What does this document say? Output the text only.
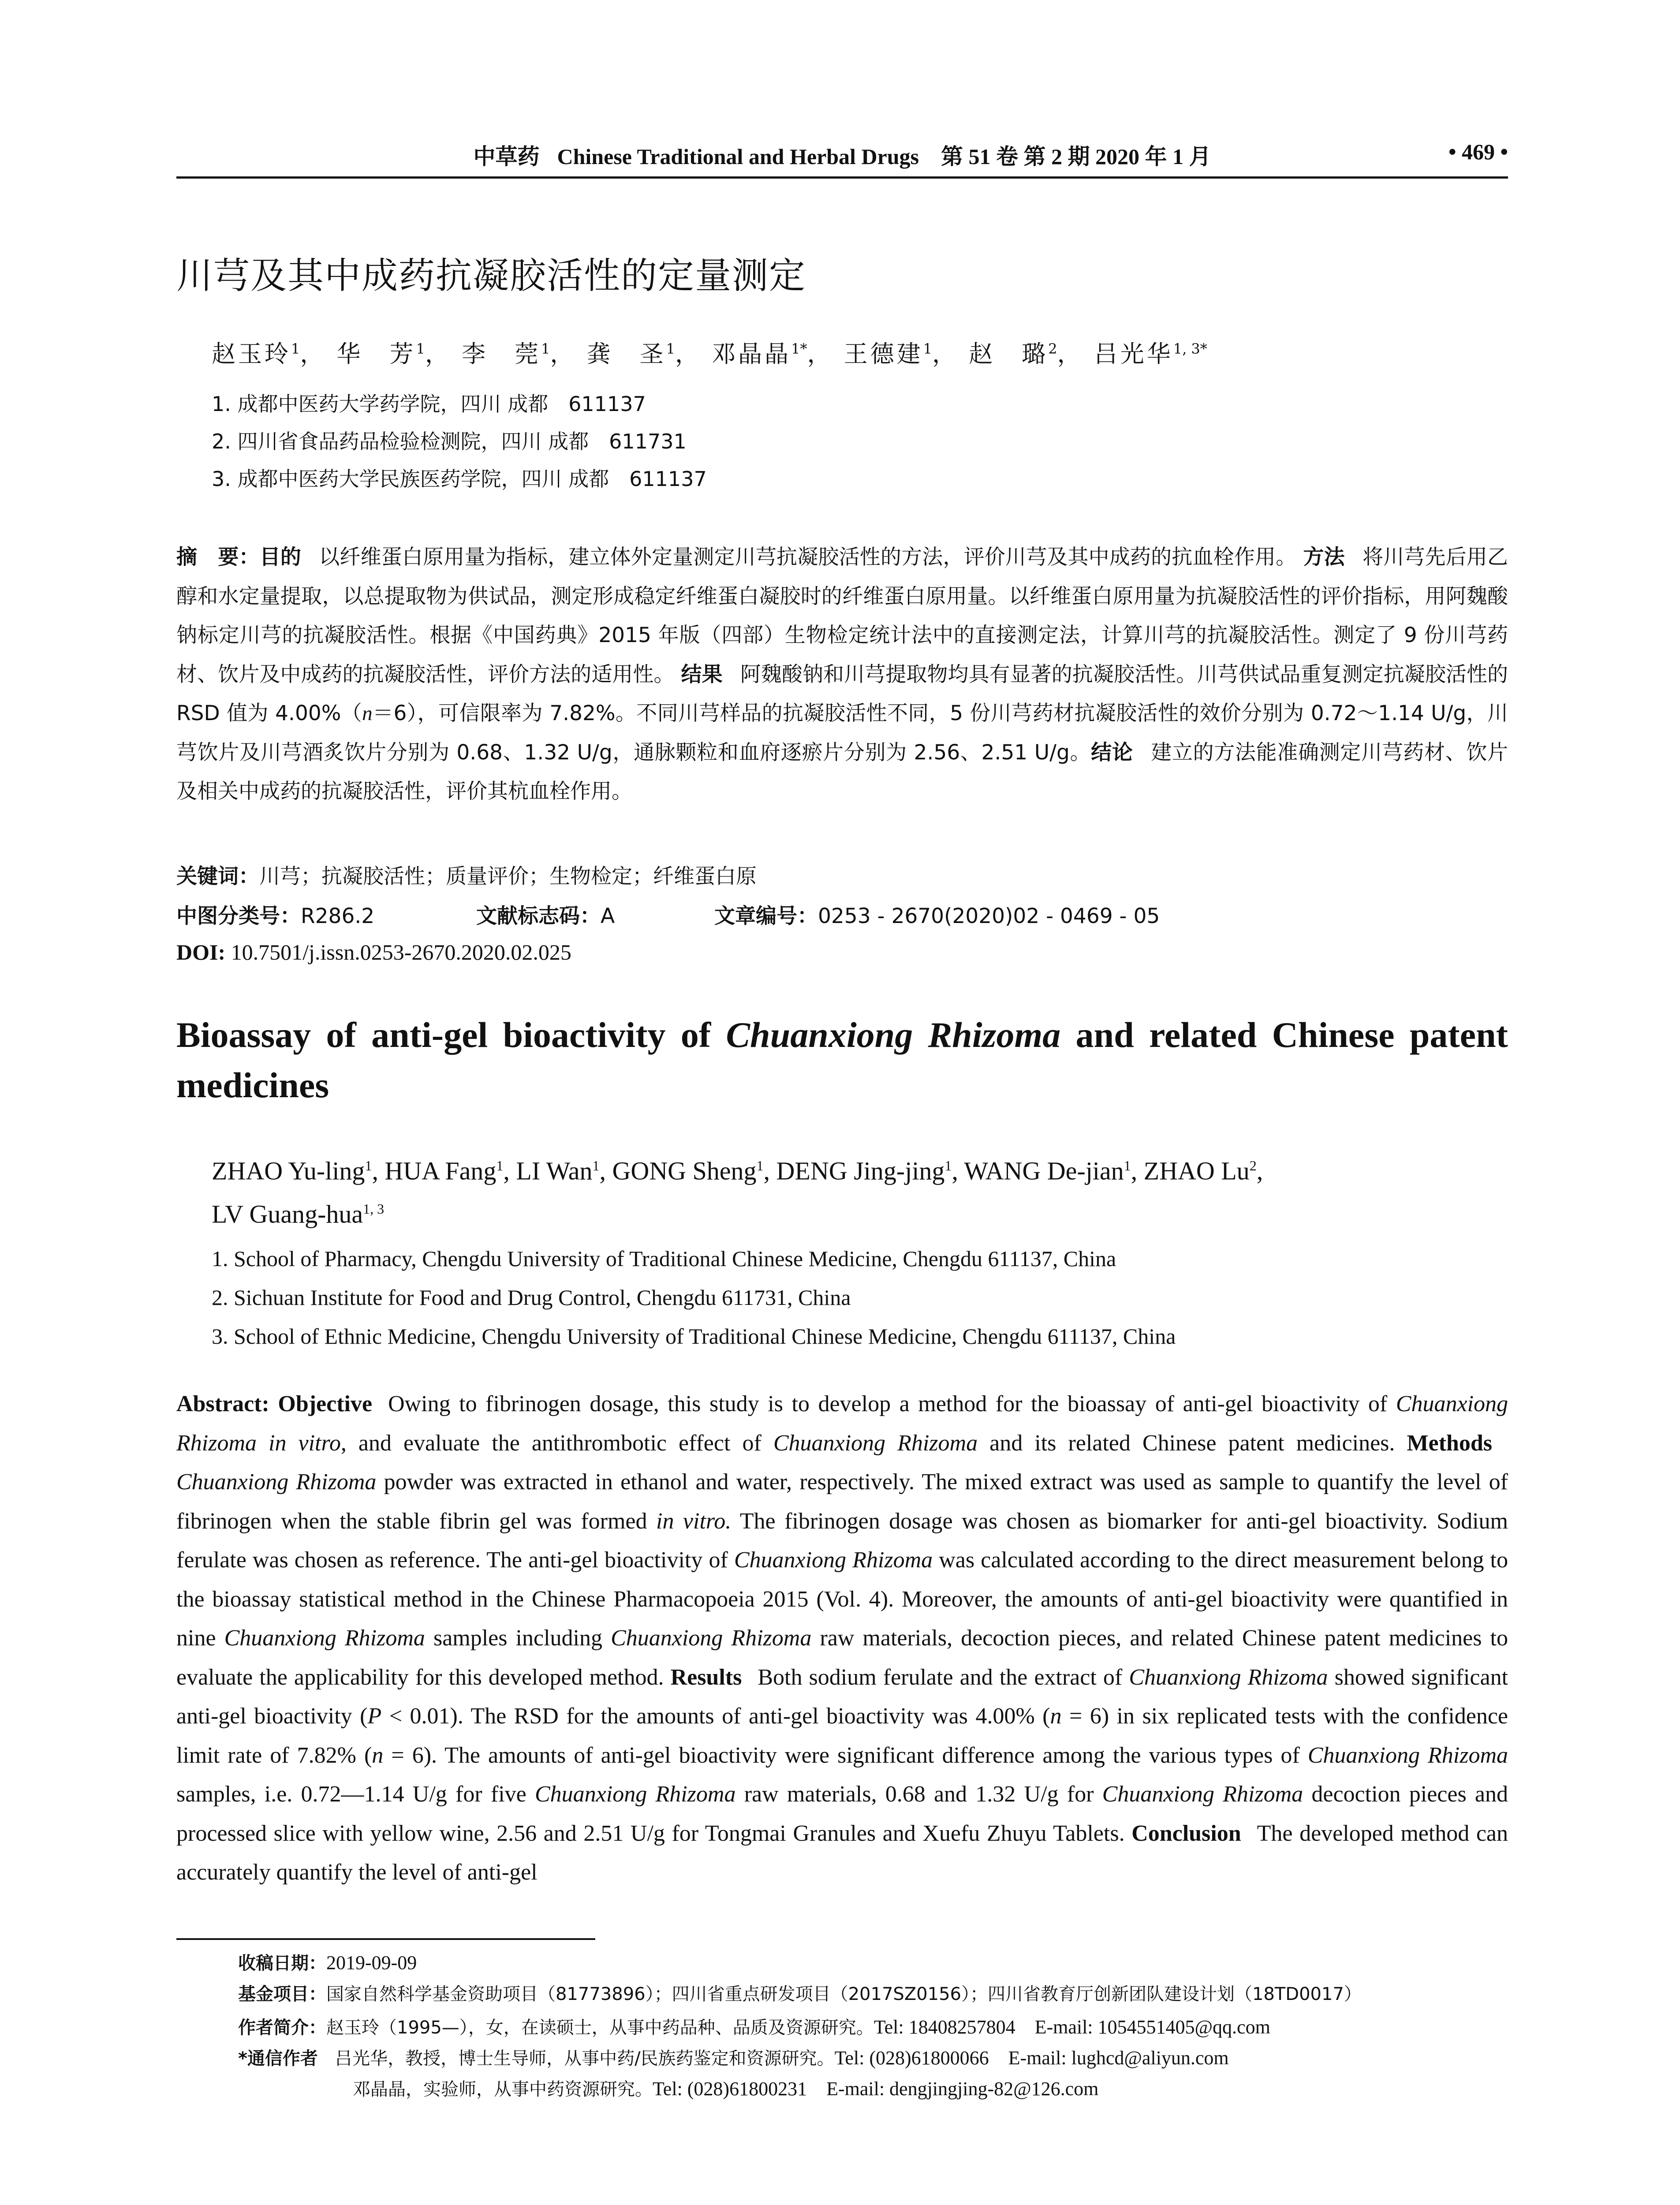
中草药 Chinese Traditional and Herbal Drugs 第 51 卷 第 2 期 2020 年 1 月	• 469 •
川芎及其中成药抗凝胶活性的定量测定
赵玉玲$^1$， 华　芳$^1$， 李　莞$^1$， 龚　圣$^1$， 邓晶晶$^{1*}$， 王德建$^1$， 赵　璐$^2$， 吕光华$^{1, 3*}$
1. 成都中医药大学药学院，四川 成都　611137
2. 四川省食品药品检验检测院，四川 成都　611731
3. 成都中医药大学民族医药学院，四川 成都　611137
摘　要：目的 以纤维蛋白原用量为指标，建立体外定量测定川芎抗凝胶活性的方法，评价川芎及其中成药的抗血栓作用。 方法 将川芎先后用乙醇和水定量提取，以总提取物为供试品，测定形成稳定纤维蛋白凝胶时的纤维蛋白原用量。以纤维蛋白原用量为抗凝胶活性的评价指标，用阿魏酸钠标定川芎的抗凝胶活性。根据《中国药典》2015 年版（四部）生物检定统计法中的直接测定法，计算川芎的抗凝胶活性。测定了 9 份川芎药材、饮片及中成药的抗凝胶活性，评价方法的适用性。 结果 阿魏酸钠和川芎提取物均具有显著的抗凝胶活性。川芎供试品重复测定抗凝胶活性的 RSD 值为 4.00%（n＝6），可信限率为 7.82%。不同川芎样品的抗凝胶活性不同，5 份川芎药材抗凝胶活性的效价分别为 0.72～1.14 U/g，川芎饮片及川芎酒炙饮片分别为 0.68、1.32 U/g，通脉颗粒和血府逐瘀片分别为 2.56、2.51 U/g。结论 建立的方法能准确测定川芎药材、饮片及相关中成药的抗凝胶活性，评价其杭血栓作用。
关键词：川芎；抗凝胶活性；质量评价；生物检定；纤维蛋白原
中图分类号：R286.2	文献标志码：A	文章编号：0253 - 2670(2020)02 - 0469 - 05
DOI: 10.7501/j.issn.0253-2670.2020.02.025
Bioassay of anti-gel bioactivity of Chuanxiong Rhizoma and related Chinese patent medicines
ZHAO Yu-ling$^1$, HUA Fang$^1$, LI Wan$^1$, GONG Sheng$^1$, DENG Jing-jing$^1$, WANG De-jian$^1$, ZHAO Lu$^2$,
LV Guang-hua$^{1, 3}$
1. School of Pharmacy, Chengdu University of Traditional Chinese Medicine, Chengdu 611137, China
2. Sichuan Institute for Food and Drug Control, Chengdu 611731, China
3. School of Ethnic Medicine, Chengdu University of Traditional Chinese Medicine, Chengdu 611137, China
Abstract: Objective Owing to fibrinogen dosage, this study is to develop a method for the bioassay of anti-gel bioactivity of Chuanxiong Rhizoma in vitro, and evaluate the antithrombotic effect of Chuanxiong Rhizoma and its related Chinese patent medicines. MethodsChuanxiong Rhizoma powder was extracted in ethanol and water, respectively. The mixed extract was used as sample to quantify the level of fibrinogen when the stable fibrin gel was formed in vitro. The fibrinogen dosage was chosen as biomarker for anti-gel bioactivity. Sodium ferulate was chosen as reference. The anti-gel bioactivity of Chuanxiong Rhizoma was calculated according to the direct measurement belong to the bioassay statistical method in the Chinese Pharmacopoeia 2015 (Vol. 4). Moreover, the amounts of anti-gel bioactivity were quantified in nine Chuanxiong Rhizoma samples including Chuanxiong Rhizoma raw materials, decoction pieces, and related Chinese patent medicines to evaluate the applicability for this developed method. Results Both sodium ferulate and the extract of Chuanxiong Rhizoma showed significant anti-gel bioactivity (P < 0.01). The RSD for the amounts of anti-gel bioactivity was 4.00% (n = 6) in six replicated tests with the confidence limit rate of 7.82% (n = 6). The amounts of anti-gel bioactivity were significant difference among the various types of Chuanxiong Rhizoma samples, i.e. 0.72—1.14 U/g for five Chuanxiong Rhizoma raw materials, 0.68 and 1.32 U/g for Chuanxiong Rhizoma decoction pieces and processed slice with yellow wine, 2.56 and 2.51 U/g for Tongmai Granules and Xuefu Zhuyu Tablets. Conclusion The developed method can accurately quantify the level of anti-gel
收稿日期：2019-09-09
基金项目：国家自然科学基金资助项目（81773896）；四川省重点研发项目（2017SZ0156）；四川省教育厅创新团队建设计划（18TD0017）
作者简介：赵玉玲（1995—），女，在读硕士，从事中药品种、品质及资源研究。Tel: 18408257804　E-mail: 1054551405@qq.com
*通信作者 吕光华，教授，博士生导师，从事中药/民族药鉴定和资源研究。Tel: (028)61800066　E-mail: lughcd@aliyun.com
邓晶晶，实验师，从事中药资源研究。Tel: (028)61800231　E-mail: dengjingjing-82@126.com
